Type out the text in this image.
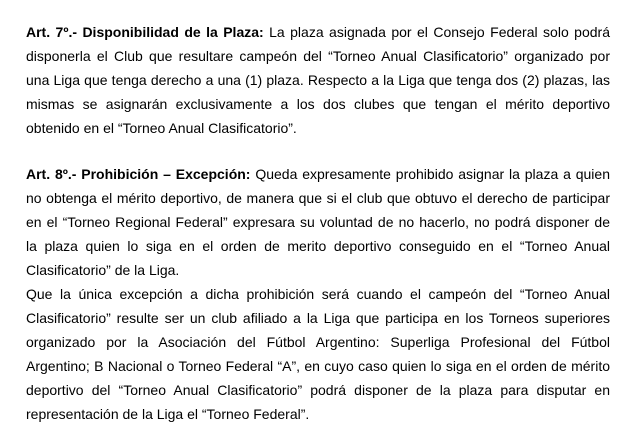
Art. 7º.- Disponibilidad de la Plaza: La plaza asignada por el Consejo Federal solo podrá
disponerla el Club que resultare campeón del “Torneo Anual Clasificatorio” organizado por
una Liga que tenga derecho a una (1) plaza. Respecto a la Liga que tenga dos (2) plazas, las
mismas se asignarán exclusivamente a los dos clubes que tengan el mérito deportivo
obtenido en el “Torneo Anual Clasificatorio”.
Art. 8º.- Prohibición – Excepción: Queda expresamente prohibido asignar la plaza a quien
no obtenga el mérito deportivo, de manera que si el club que obtuvo el derecho de participar
en el “Torneo Regional Federal” expresara su voluntad de no hacerlo, no podrá disponer de
la plaza quien lo siga en el orden de merito deportivo conseguido en el “Torneo Anual
Clasificatorio” de la Liga.
Que la única excepción a dicha prohibición será cuando el campeón del “Torneo Anual
Clasificatorio” resulte ser un club afiliado a la Liga que participa en los Torneos superiores
organizado por la Asociación del Fútbol Argentino: Superliga Profesional del Fútbol
Argentino; B Nacional o Torneo Federal “A”, en cuyo caso quien lo siga en el orden de mérito
deportivo del “Torneo Anual Clasificatorio” podrá disponer de la plaza para disputar en
representación de la Liga el “Torneo Federal”.
